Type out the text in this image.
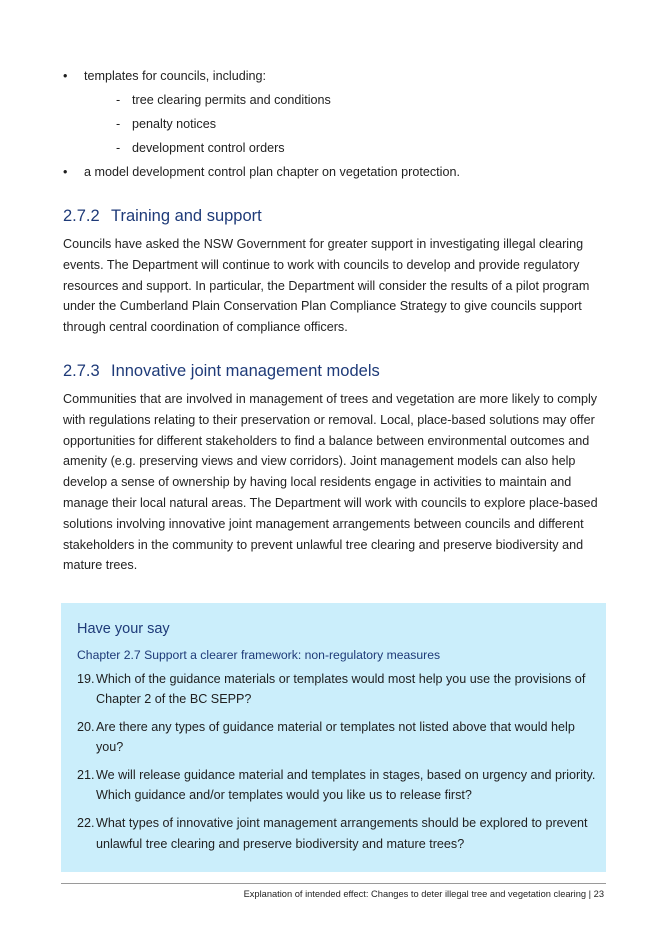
• templates for councils, including:
- tree clearing permits and conditions
- penalty notices
- development control orders
• a model development control plan chapter on vegetation protection.
2.7.2 Training and support

Councils have asked the NSW Government for greater support in investigating illegal clearing events. The Department will continue to work with councils to develop and provide regulatory resources and support. In particular, the Department will consider the results of a pilot program under the Cumberland Plain Conservation Plan Compliance Strategy to give councils support through central coordination of compliance officers.

2.7.3 Innovative joint management models

Communities that are involved in management of trees and vegetation are more likely to comply with regulations relating to their preservation or removal. Local, place-based solutions may offer opportunities for different stakeholders to find a balance between environmental outcomes and amenity (e.g. preserving views and view corridors). Joint management models can also help develop a sense of ownership by having local residents engage in activities to maintain and manage their local natural areas. The Department will work with councils to explore place-based solutions involving innovative joint management arrangements between councils and different stakeholders in the community to prevent unlawful tree clearing and preserve biodiversity and mature trees.

Have your say
Chapter 2.7 Support a clearer framework: non-regulatory measures
19. Which of the guidance materials or templates would most help you use the provisions of Chapter 2 of the BC SEPP?
20. Are there any types of guidance material or templates not listed above that would help you?
21. We will release guidance material and templates in stages, based on urgency and priority. Which guidance and/or templates would you like us to release first?
22. What types of innovative joint management arrangements should be explored to prevent unlawful tree clearing and preserve biodiversity and mature trees?
Explanation of intended effect: Changes to deter illegal tree and vegetation clearing | 23
